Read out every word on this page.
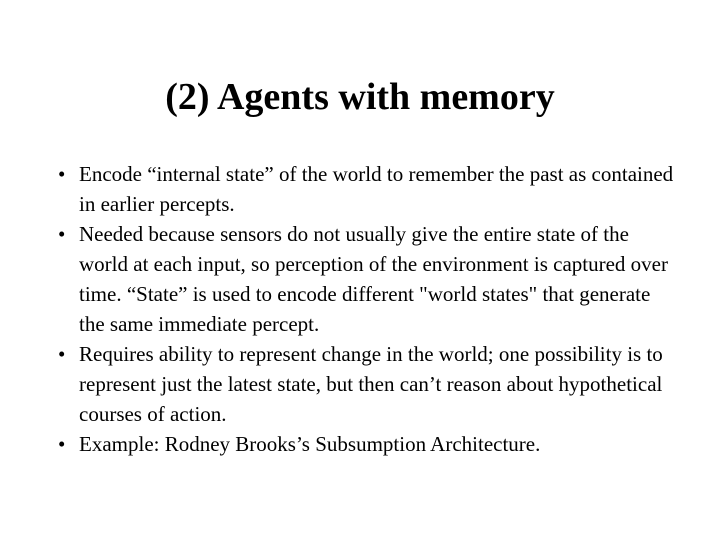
(2) Agents with memory
• Encode “internal state” of the world to remember the past as contained in earlier percepts.
• Needed because sensors do not usually give the entire state of the world at each input, so perception of the environment is captured over time. “State” is used to encode different "world states" that generate the same immediate percept.
• Requires ability to represent change in the world; one possibility is to represent just the latest state, but then can’t reason about hypothetical courses of action.
• Example: Rodney Brooks’s Subsumption Architecture.
